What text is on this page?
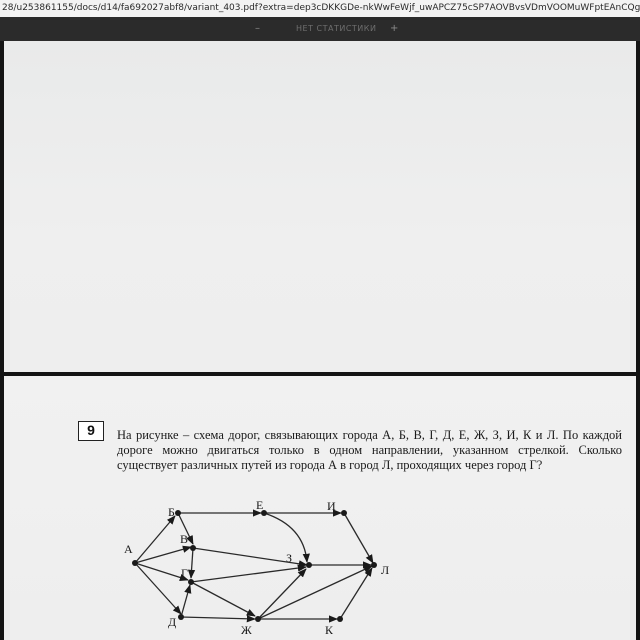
28/u253861155/docs/d14/fa692027abf8/variant_403.pdf?extra=dep3cDKKGDe-nkWwFeWjf_uwAPCZ75cSP7AOVBvsVDmVOOMuWFptEAnCQg
–	НЕТ СТАТИСТИКИ +
9	На рисунке – схема дорог, связывающих города А, Б, В, Г, Д, Е, Ж, З, И, К и Л. По каждой дороге можно двигаться только в одном направлении, указанном стрелкой. Сколько существует различных путей из города А в город Л, проходящих через город Г?
А
Б
В
Г
Д
Е
Ж
З
И
К
Л
